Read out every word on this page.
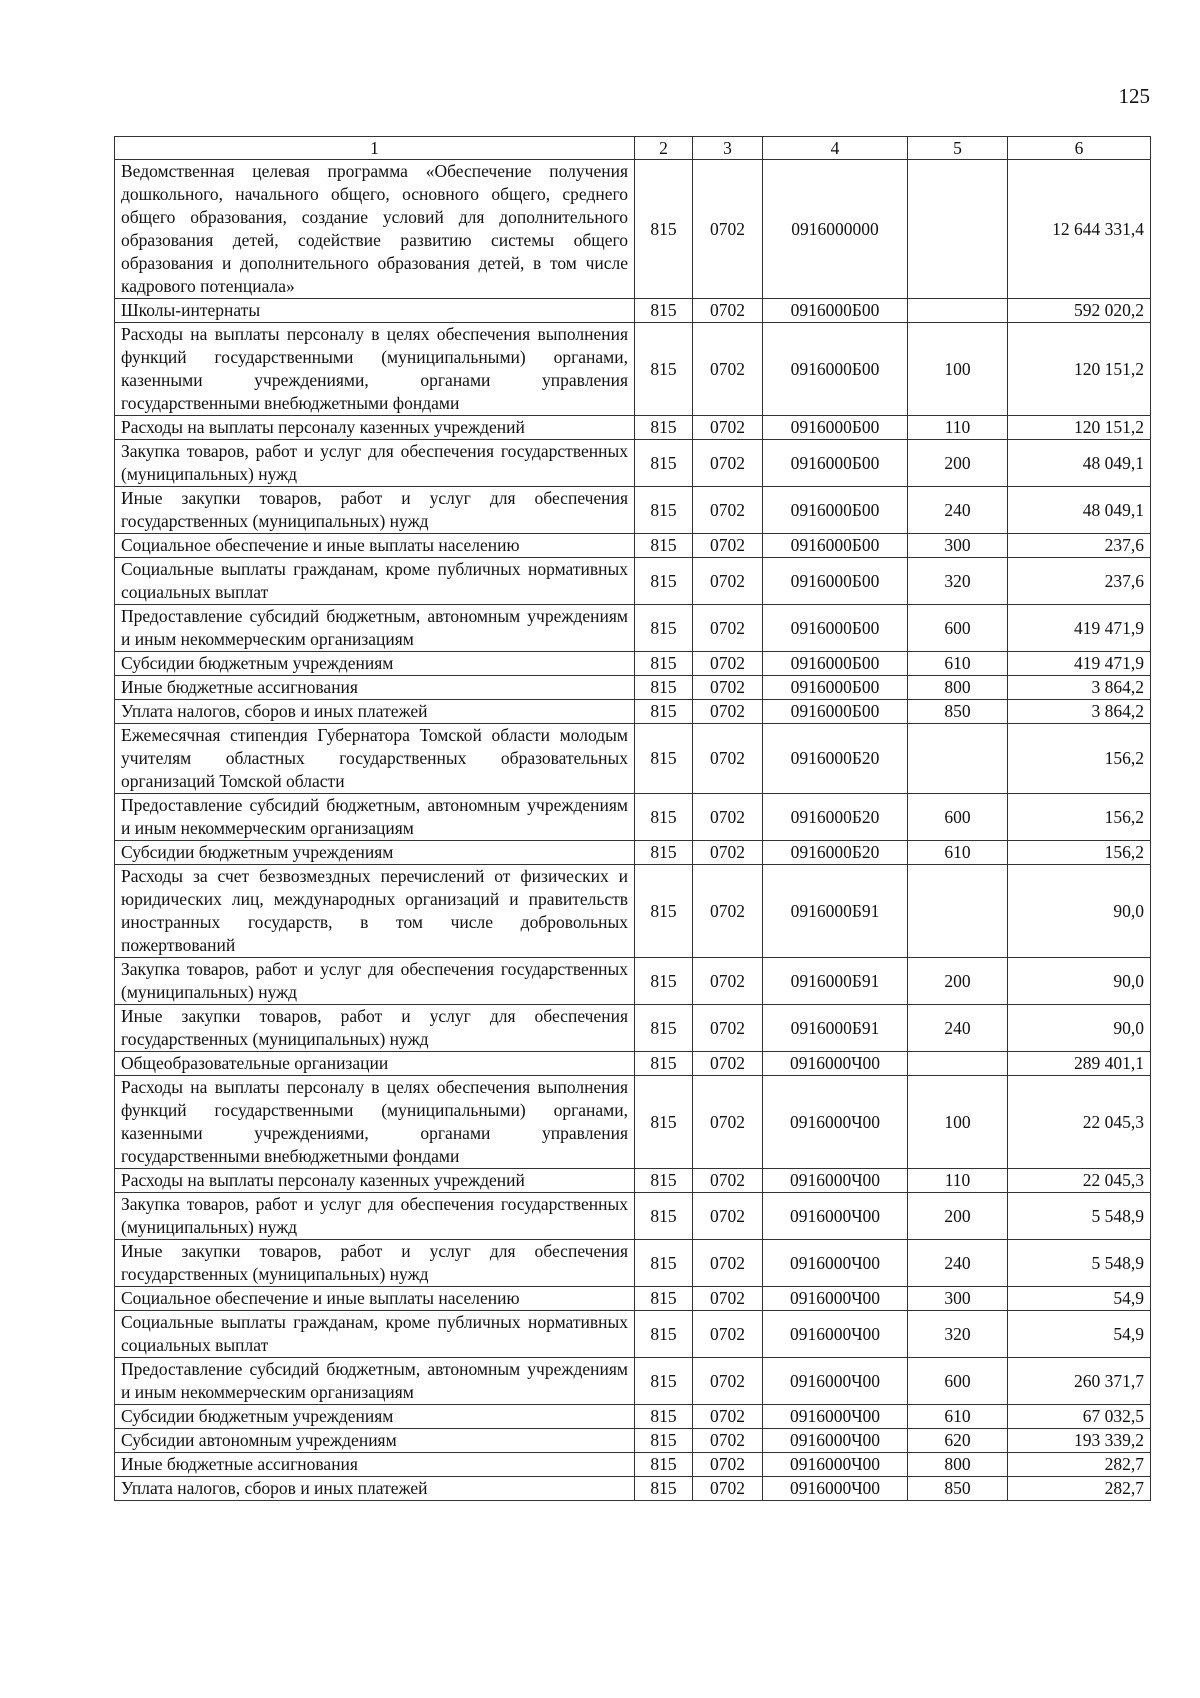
125
1	2	3	4	5	6
Ведомственная целевая программа «Обеспечение получения дошкольного, начального общего, основного общего, среднего общего образования, создание условий для дополнительного образования детей, содействие развитию системы общего образования и дополнительного образования детей, в том числе кадрового потенциала»	815	0702	0916000000		12 644 331,4
Школы-интернаты	815	0702	0916000Б00		592 020,2
Расходы на выплаты персоналу в целях обеспечения выполнения функций государственными (муниципальными) органами, казенными учреждениями, органами управления государственными внебюджетными фондами	815	0702	0916000Б00	100	120 151,2
Расходы на выплаты персоналу казенных учреждений	815	0702	0916000Б00	110	120 151,2
Закупка товаров, работ и услуг для обеспечения государственных (муниципальных) нужд	815	0702	0916000Б00	200	48 049,1
Иные закупки товаров, работ и услуг для обеспечения государственных (муниципальных) нужд	815	0702	0916000Б00	240	48 049,1
Социальное обеспечение и иные выплаты населению	815	0702	0916000Б00	300	237,6
Социальные выплаты гражданам, кроме публичных нормативных социальных выплат	815	0702	0916000Б00	320	237,6
Предоставление субсидий бюджетным, автономным учреждениям и иным некоммерческим организациям	815	0702	0916000Б00	600	419 471,9
Субсидии бюджетным учреждениям	815	0702	0916000Б00	610	419 471,9
Иные бюджетные ассигнования	815	0702	0916000Б00	800	3 864,2
Уплата налогов, сборов и иных платежей	815	0702	0916000Б00	850	3 864,2
Ежемесячная стипендия Губернатора Томской области молодым учителям областных государственных образовательных организаций Томской области	815	0702	0916000Б20		156,2
Предоставление субсидий бюджетным, автономным учреждениям и иным некоммерческим организациям	815	0702	0916000Б20	600	156,2
Субсидии бюджетным учреждениям	815	0702	0916000Б20	610	156,2
Расходы за счет безвозмездных перечислений от физических и юридических лиц, международных организаций и правительств иностранных государств, в том числе добровольных пожертвований	815	0702	0916000Б91		90,0
Закупка товаров, работ и услуг для обеспечения государственных (муниципальных) нужд	815	0702	0916000Б91	200	90,0
Иные закупки товаров, работ и услуг для обеспечения государственных (муниципальных) нужд	815	0702	0916000Б91	240	90,0
Общеобразовательные организации	815	0702	0916000Ч00		289 401,1
Расходы на выплаты персоналу в целях обеспечения выполнения функций государственными (муниципальными) органами, казенными учреждениями, органами управления государственными внебюджетными фондами	815	0702	0916000Ч00	100	22 045,3
Расходы на выплаты персоналу казенных учреждений	815	0702	0916000Ч00	110	22 045,3
Закупка товаров, работ и услуг для обеспечения государственных (муниципальных) нужд	815	0702	0916000Ч00	200	5 548,9
Иные закупки товаров, работ и услуг для обеспечения государственных (муниципальных) нужд	815	0702	0916000Ч00	240	5 548,9
Социальное обеспечение и иные выплаты населению	815	0702	0916000Ч00	300	54,9
Социальные выплаты гражданам, кроме публичных нормативных социальных выплат	815	0702	0916000Ч00	320	54,9
Предоставление субсидий бюджетным, автономным учреждениям и иным некоммерческим организациям	815	0702	0916000Ч00	600	260 371,7
Субсидии бюджетным учреждениям	815	0702	0916000Ч00	610	67 032,5
Субсидии автономным учреждениям	815	0702	0916000Ч00	620	193 339,2
Иные бюджетные ассигнования	815	0702	0916000Ч00	800	282,7
Уплата налогов, сборов и иных платежей	815	0702	0916000Ч00	850	282,7
